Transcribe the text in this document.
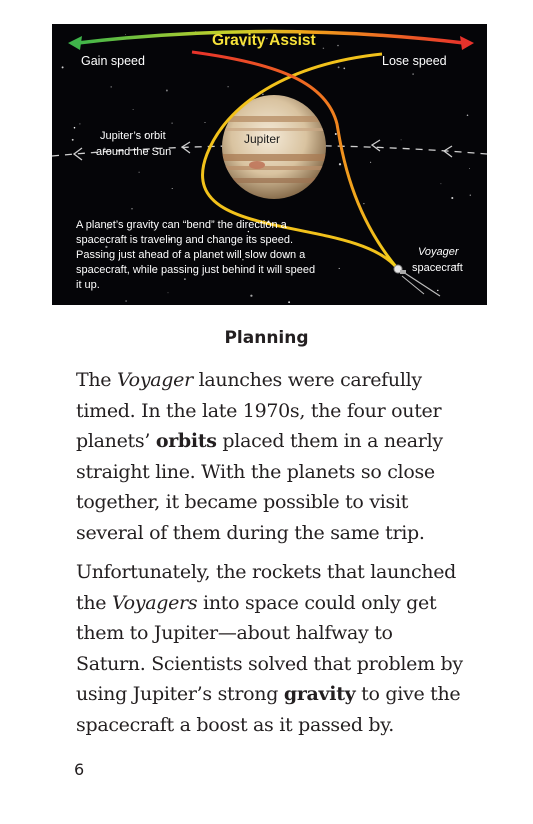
Gravity Assist
Gain speed	Lose speed
Jupiter
Jupiter’s orbit
around the Sun
Voyager
spacecraft
A planet’s gravity can “bend” the direction a spacecraft is traveling and change its speed. Passing just ahead of a planet will slow down a spacecraft, while passing just behind it will speed it up.
Planning

The Voyager launches were carefully
timed. In the late 1970s, the four outer
planets’ orbits placed them in a nearly
straight line. With the planets so close
together, it became possible to visit
several of them during the same trip.

Unfortunately, the rockets that launched
the Voyagers into space could only get
them to Jupiter—about halfway to
Saturn. Scientists solved that problem by
using Jupiter’s strong gravity to give the
spacecraft a boost as it passed by.

6
